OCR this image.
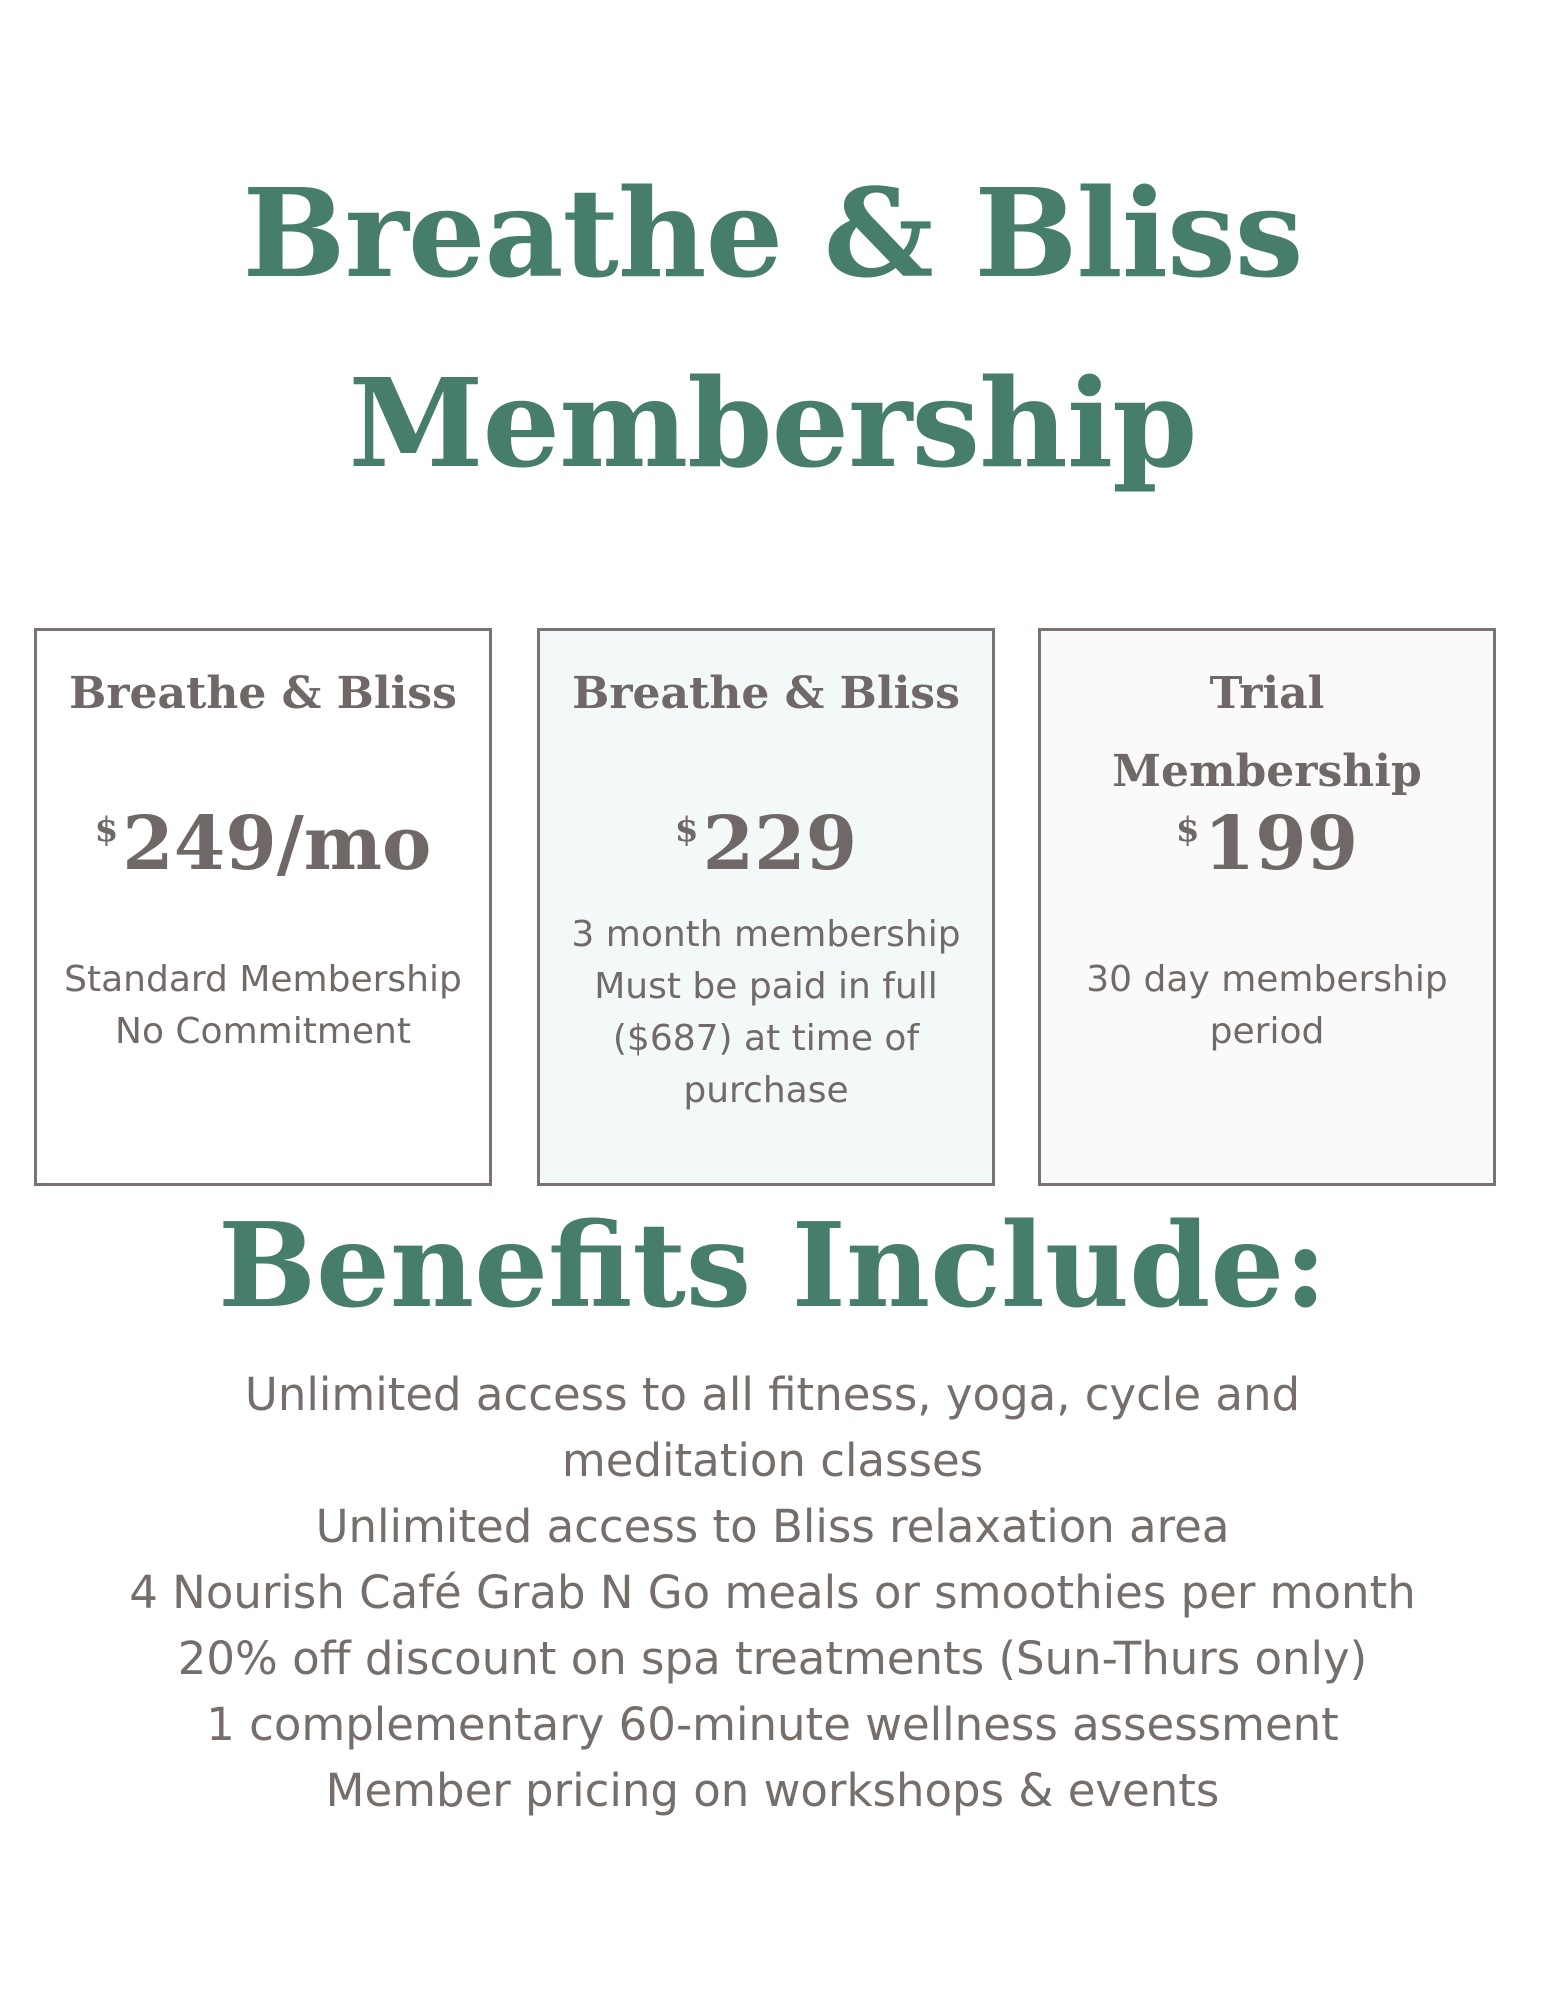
Breathe & Bliss
Membership
Breathe & Bliss
$249/mo
Standard Membership
No Commitment
Breathe & Bliss
$229
3 month membership
Must be paid in full
($687) at time of
purchase
Trial
Membership
$199
30 day membership
period
Benefits Include:
Unlimited access to all fitness, yoga, cycle and meditation classes
Unlimited access to Bliss relaxation area
4 Nourish Café Grab N Go meals or smoothies per month
20% off discount on spa treatments (Sun-Thurs only)
1 complementary 60-minute wellness assessment
Member pricing on workshops & events
